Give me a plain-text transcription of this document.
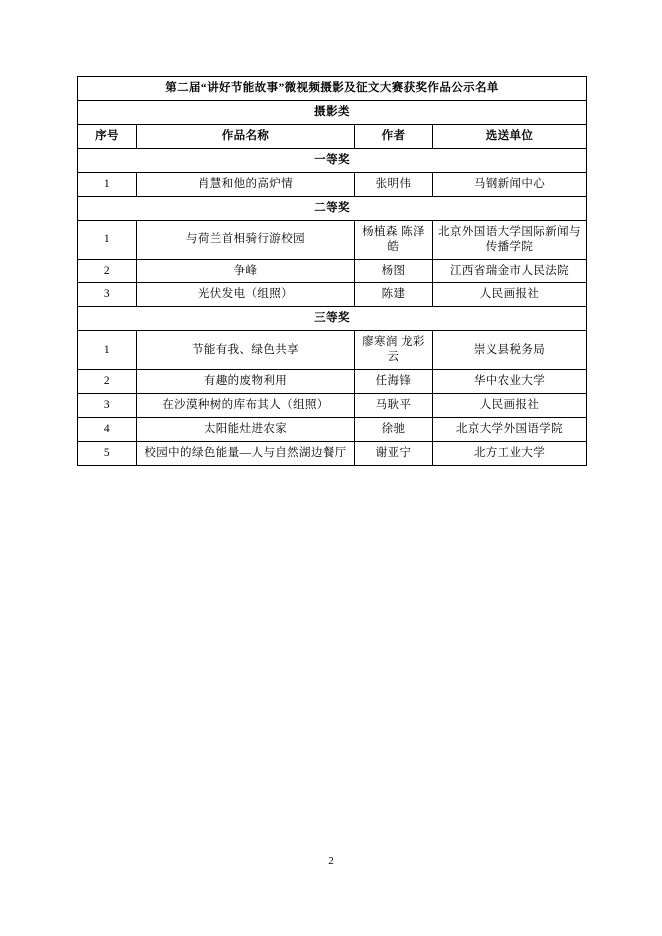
第二届“讲好节能故事”微视频摄影及征文大赛获奖作品公示名单			
摄影类			
序号	作品名称	作者	选送单位
一等奖			
1	肖慧和他的高炉情	张明伟	马钢新闻中心
二等奖			
1	与荷兰首相骑行游校园	杨植森 陈泽皓	北京外国语大学国际新闻与传播学院
2	争峰	杨图	江西省瑞金市人民法院
3	光伏发电（组照）	陈建	人民画报社
三等奖			
1	节能有我、绿色共享	廖寒润 龙彩云	崇义县税务局
2	有趣的废物利用	任海锋	华中农业大学
3	在沙漠种树的库布其人（组照）	马耿平	人民画报社
4	太阳能灶进农家	徐驰	北京大学外国语学院
5	校园中的绿色能量—人与自然湖边餐厅	谢亚宁	北方工业大学
2
